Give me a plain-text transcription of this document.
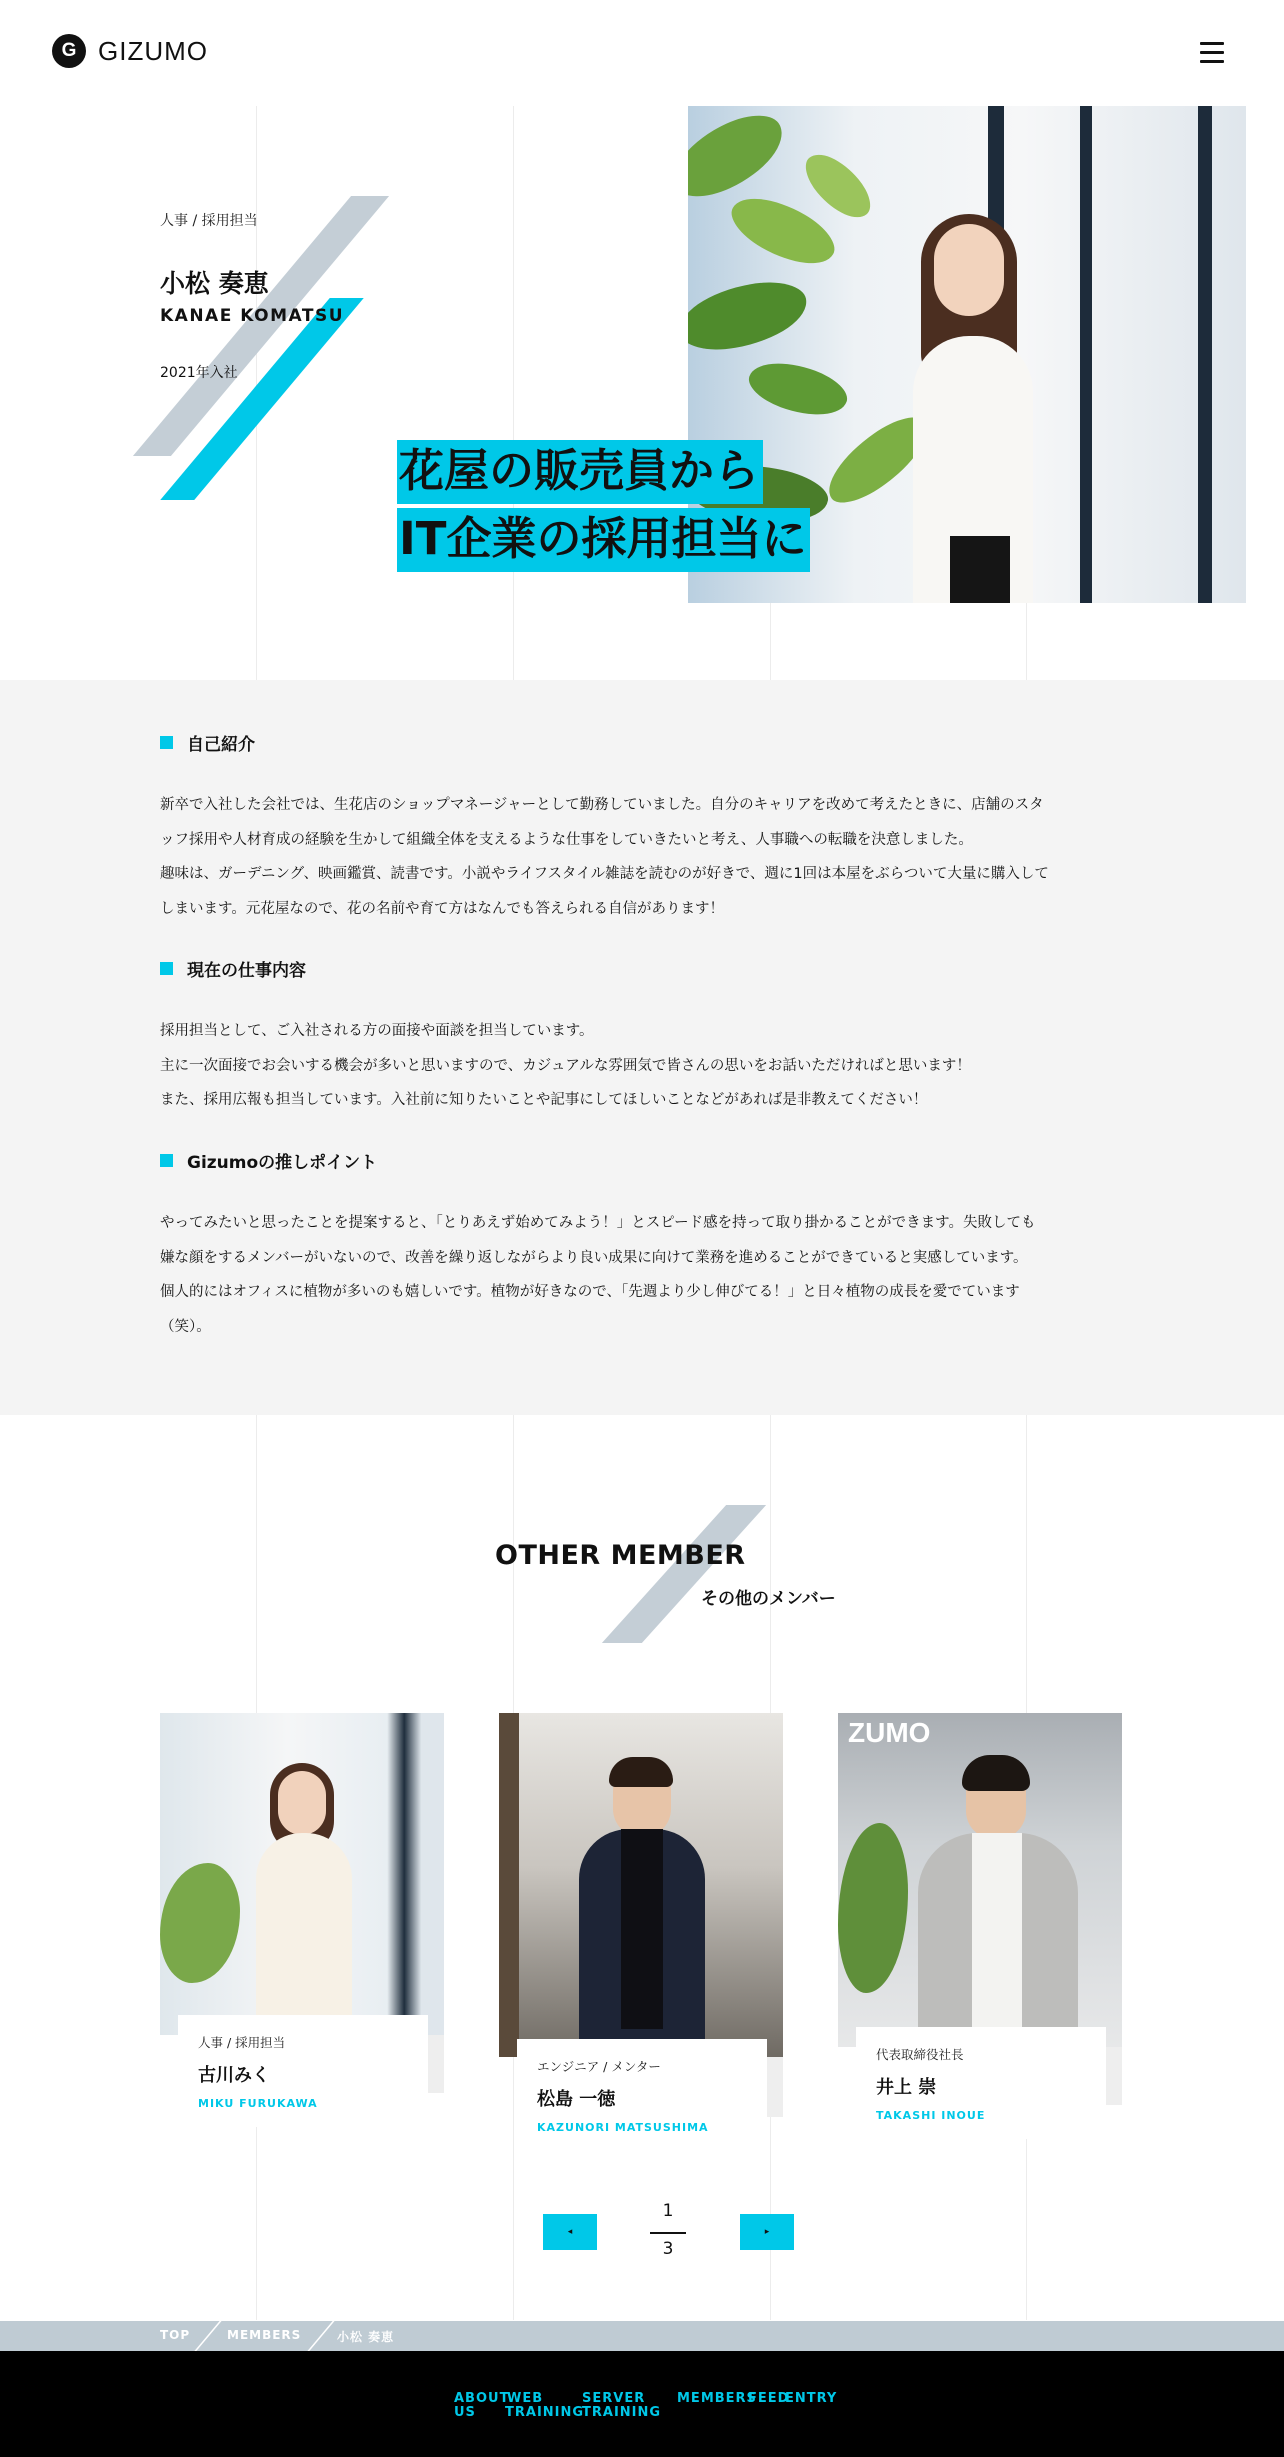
G GIZUMO
人事 / 採用担当
小松 奏恵
KANAE KOMATSU
2021年入社
花屋の販売員から
IT企業の採用担当に
自己紹介

新卒で入社した会社では、生花店のショップマネージャーとして勤務していました。自分のキャリアを改めて考えたときに、店舗のスタ

ッフ採用や人材育成の経験を生かして組織全体を支えるような仕事をしていきたいと考え、人事職への転職を決意しました。

趣味は、ガーデニング、映画鑑賞、読書です。小説やライフスタイル雑誌を読むのが好きで、週に1回は本屋をぶらついて大量に購入して

しまいます。元花屋なので、花の名前や育て方はなんでも答えられる自信があります！

現在の仕事内容

採用担当として、ご入社される方の面接や面談を担当しています。

主に一次面接でお会いする機会が多いと思いますので、カジュアルな雰囲気で皆さんの思いをお話いただければと思います！

また、採用広報も担当しています。入社前に知りたいことや記事にしてほしいことなどがあれば是非教えてください！

Gizumoの推しポイント

やってみたいと思ったことを提案すると、「とりあえず始めてみよう！」とスピード感を持って取り掛かることができます。失敗しても

嫌な顔をするメンバーがいないので、改善を繰り返しながらより良い成果に向けて業務を進めることができていると実感しています。

個人的にはオフィスに植物が多いのも嬉しいです。植物が好きなので、「先週より少し伸びてる！」と日々植物の成長を愛でています

（笑）。

OTHER MEMBER
その他のメンバー
人事 / 採用担当
古川みく
MIKU FURUKAWA
エンジニア / メンター
松島 一徳
KAZUNORI MATSUSHIMA
ZUMO
代表取締役社長
井上 崇
TAKASHI INOUE
◂
1
3
▸
TOP	MEMBERS	小松 奏恵
ABOUT
US
WEB
TRAINING
SERVER
TRAINING
MEMBERS
FEED
ENTRY
